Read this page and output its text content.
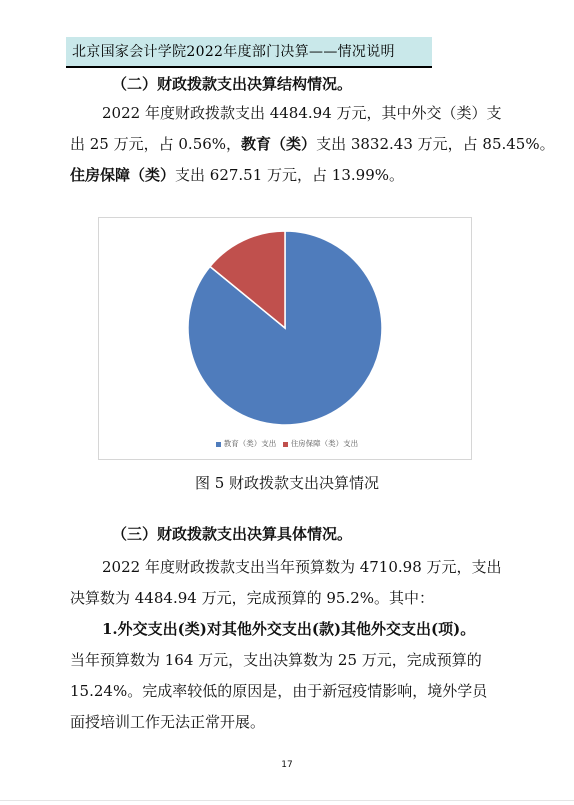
北京国家会计学院2022年度部门决算——情况说明
（二）财政拨款支出决算结构情况。
2022 年度财政拨款支出 4484.94 万元，其中外交（类）支
出 25 万元，占 0.56%，教育（类）支出 3832.43 万元，占 85.45%。
住房保障（类）支出 627.51 万元，占 13.99%。
教育（类）支出 住房保障（类）支出
图 5 财政拨款支出决算情况
（三）财政拨款支出决算具体情况。
2022 年度财政拨款支出当年预算数为 4710.98 万元，支出
决算数为 4484.94 万元，完成预算的 95.2%。其中：
1.外交支出(类)对其他外交支出(款)其他外交支出(项)。
当年预算数为 164 万元，支出决算数为 25 万元，完成预算的
15.24%。完成率较低的原因是，由于新冠疫情影响，境外学员
面授培训工作无法正常开展。
17
